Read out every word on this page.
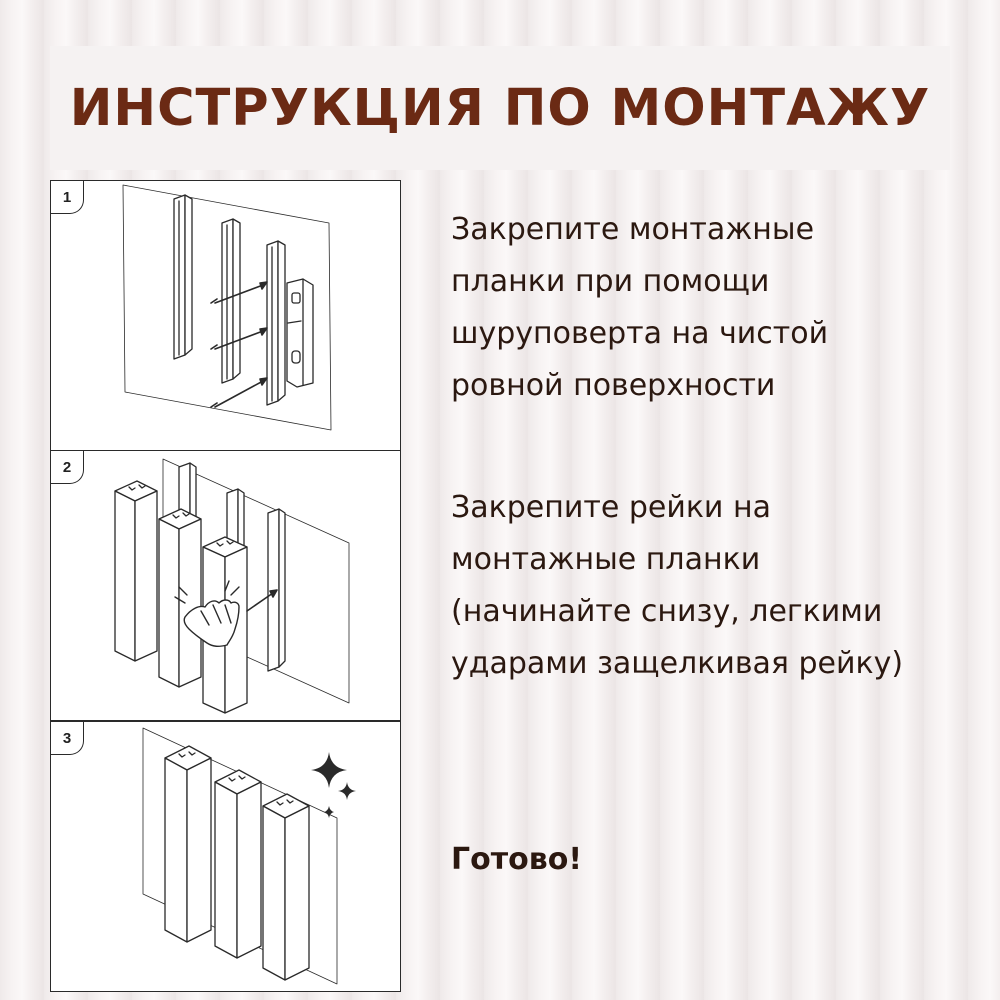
ИНСТРУКЦИЯ ПО МОНТАЖУ
1
2
3
Закрепите монтажные
планки при помощи
шуруповерта на чистой
ровной поверхности
Закрепите рейки на
монтажные планки
(начинайте снизу, легкими
ударами защелкивая рейку)
Готово!
